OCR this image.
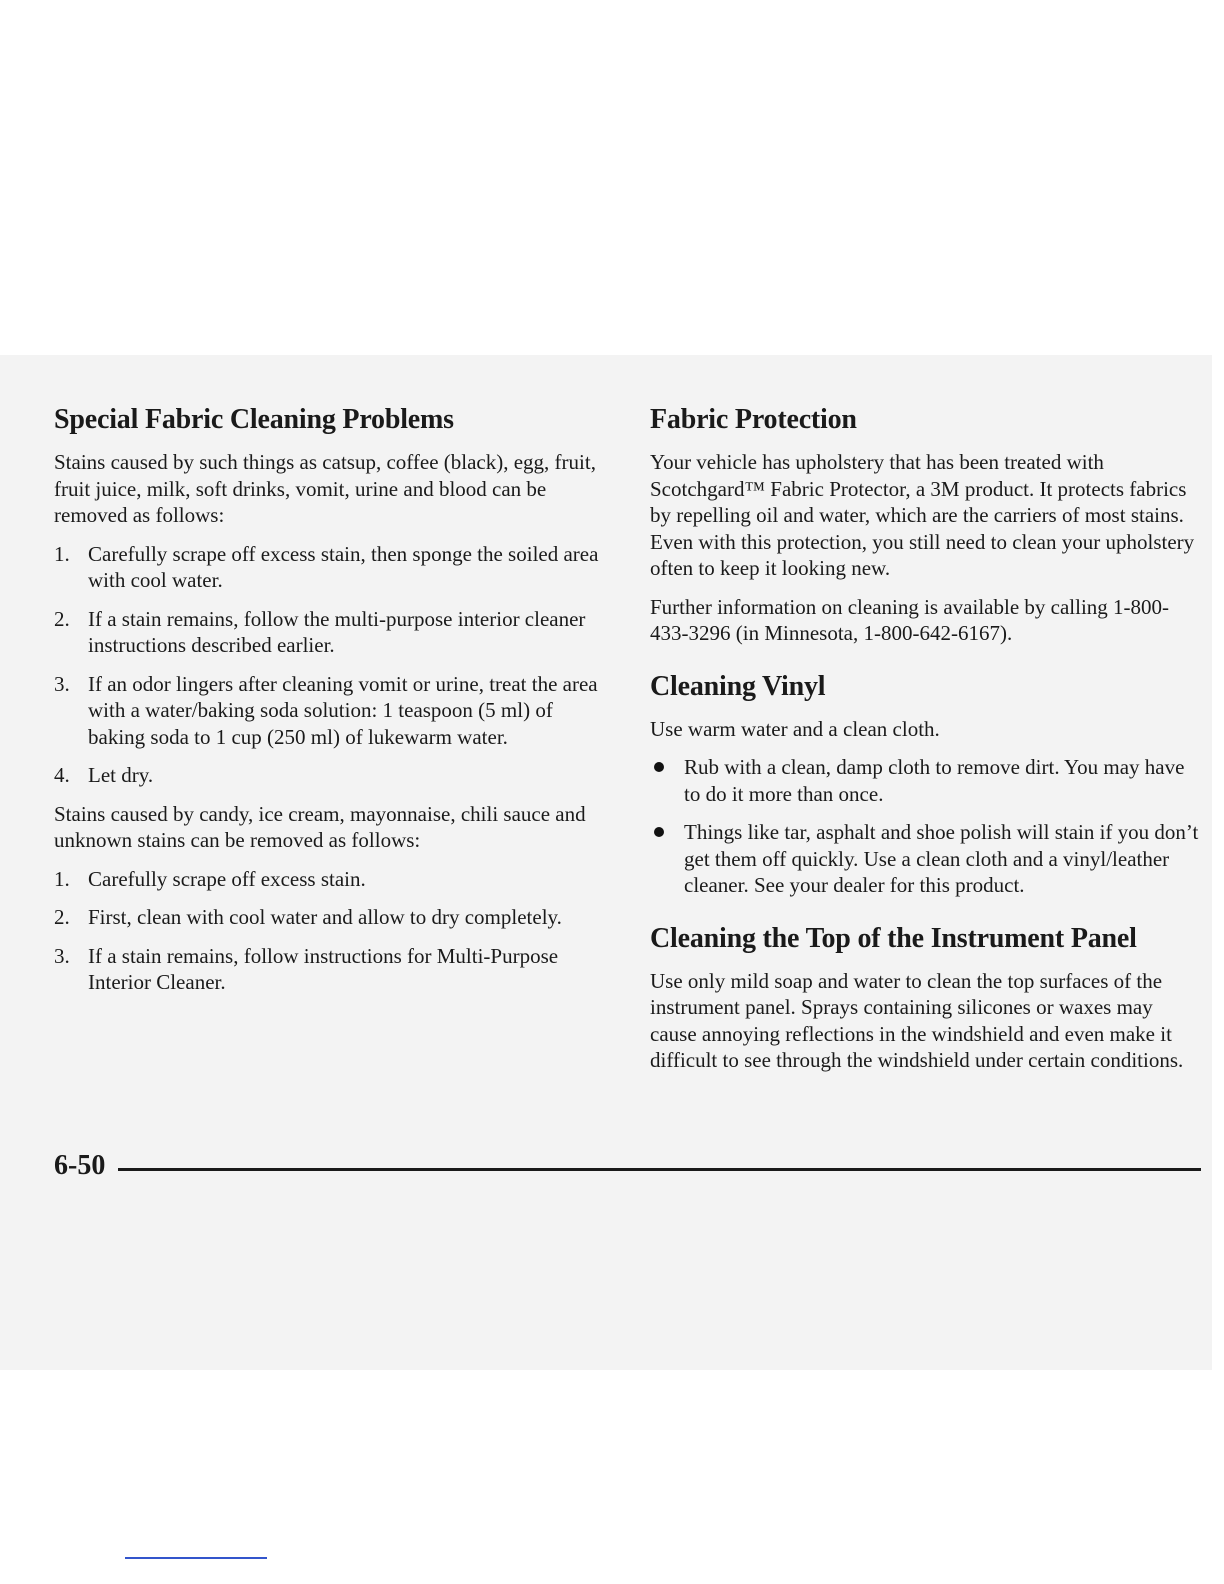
Special Fabric Cleaning Problems

Stains caused by such things as catsup, coffee (black), egg, fruit, fruit juice, milk, soft drinks, vomit, urine and blood can be removed as follows:

1. Carefully scrape off excess stain, then sponge the soiled area with cool water.
2. If a stain remains, follow the multi-purpose interior cleaner instructions described earlier.
3. If an odor lingers after cleaning vomit or urine, treat the area with a water/baking soda solution: 1 teaspoon (5 ml) of baking soda to 1 cup (250 ml) of lukewarm water.
4. Let dry.

Stains caused by candy, ice cream, mayonnaise, chili sauce and unknown stains can be removed as follows:

1. Carefully scrape off excess stain.
2. First, clean with cool water and allow to dry completely.
3. If a stain remains, follow instructions for Multi-Purpose Interior Cleaner.
Fabric Protection

Your vehicle has upholstery that has been treated with Scotchgard™ Fabric Protector, a 3M product. It protects fabrics by repelling oil and water, which are the carriers of most stains. Even with this protection, you still need to clean your upholstery often to keep it looking new.

Further information on cleaning is available by calling 1-800-433-3296 (in Minnesota, 1-800-642-6167).

Cleaning Vinyl

Use warm water and a clean cloth.

Rub with a clean, damp cloth to remove dirt. You may have to do it more than once.
Things like tar, asphalt and shoe polish will stain if you don’t get them off quickly. Use a clean cloth and a vinyl/leather cleaner. See your dealer for this product.
Cleaning the Top of the Instrument Panel

Use only mild soap and water to clean the top surfaces of the instrument panel. Sprays containing silicones or waxes may cause annoying reflections in the windshield and even make it difficult to see through the windshield under certain conditions.

6-50
